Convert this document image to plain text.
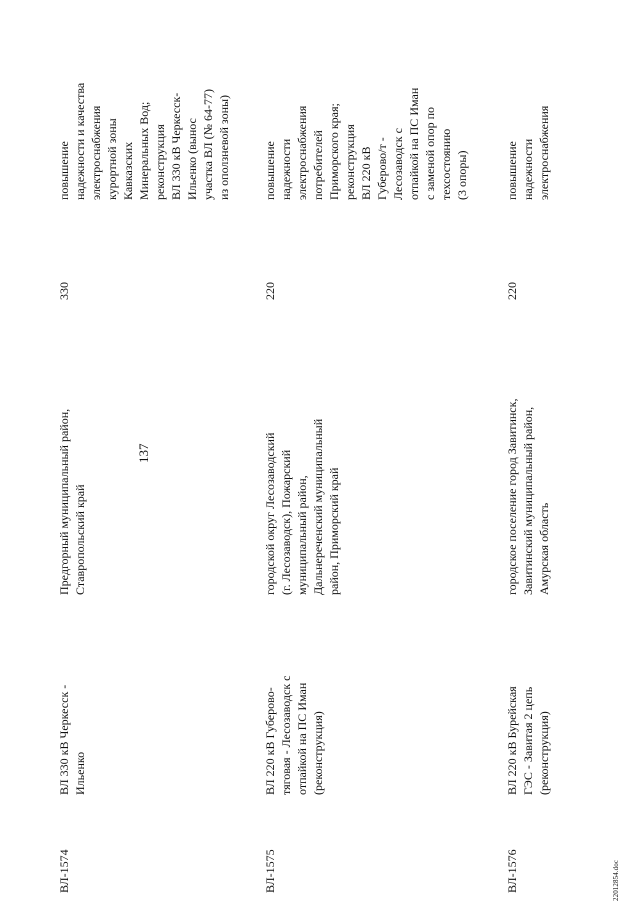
137
ВЛ-1574
ВЛ 330 кВ Черкесск -
Ильенко
Предгорный муниципальный район,
Ставропольский край
330
повышение
надежности и качества
электроснабжения
курортной зоны
Кавказских
Минеральных Вод;
реконструкция
ВЛ 330 кВ Черкесск-
Ильенко (вынос
участка ВЛ (№ 64-77)
из оползневой зоны)
ВЛ-1575
ВЛ 220 кВ Губерово-
тяговая - Лесозаводск с
отпайкой на ПС Иман
(реконструкция)
городской округ Лесозаводский
(г. Лесозаводск), Пожарский
муниципальный район,
Дальнереченский муниципальный
район, Приморский край
220
повышение
надежности
электроснабжения
потребителей
Приморского края;
реконструкция
ВЛ 220 кВ
Губерово/т -
Лесозаводск с
отпайкой на ПС Иман
с заменой опор по
техсостоянию
(3 опоры)
ВЛ-1576
ВЛ 220 кВ Бурейская
ГЭС - Завитая 2 цепь
(реконструкция)
городское поселение город Завитинск,
Завитинский муниципальный район,
Амурская область
220
повышение
надежности
электроснабжения
22012854.doc
